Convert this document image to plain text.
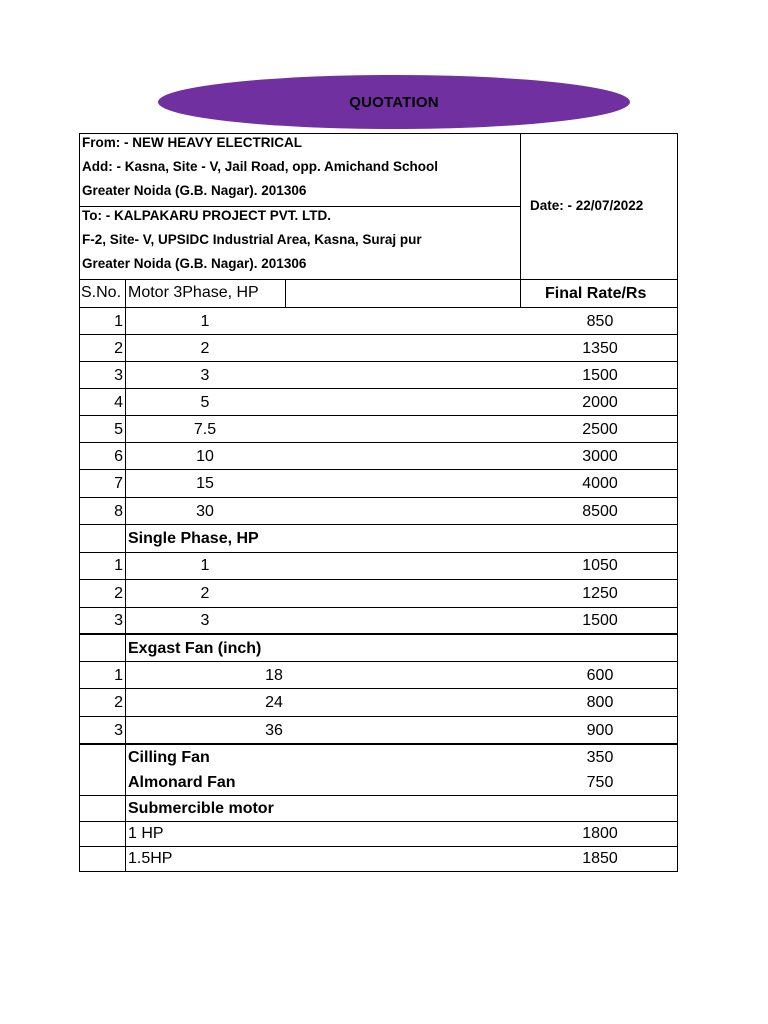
QUOTATION
From: - NEW HEAVY ELECTRICAL
Add: - Kasna, Site - V, Jail Road, opp. Amichand School
Greater Noida (G.B. Nagar). 201306
To: - KALPAKARU PROJECT PVT. LTD.
F-2, Site- V, UPSIDC Industrial Area, Kasna, Suraj pur
Greater Noida (G.B. Nagar). 201306
Date: - 22/07/2022
S.No. Motor 3Phase, HP	Final Rate/Rs
1	1	850
2	2	1350
3	3	1500
4	5	2000
5	7.5	2500
6	10	3000
7	15	4000
8	30	8500
Single Phase, HP
1	1	1050
2	2	1250
3	3	1500
Exgast Fan (inch)
1	18	600
2	24	800
3	36	900
Cilling Fan	350
Almonard Fan	750
Submercible motor
1 HP	1800
1.5HP	1850
